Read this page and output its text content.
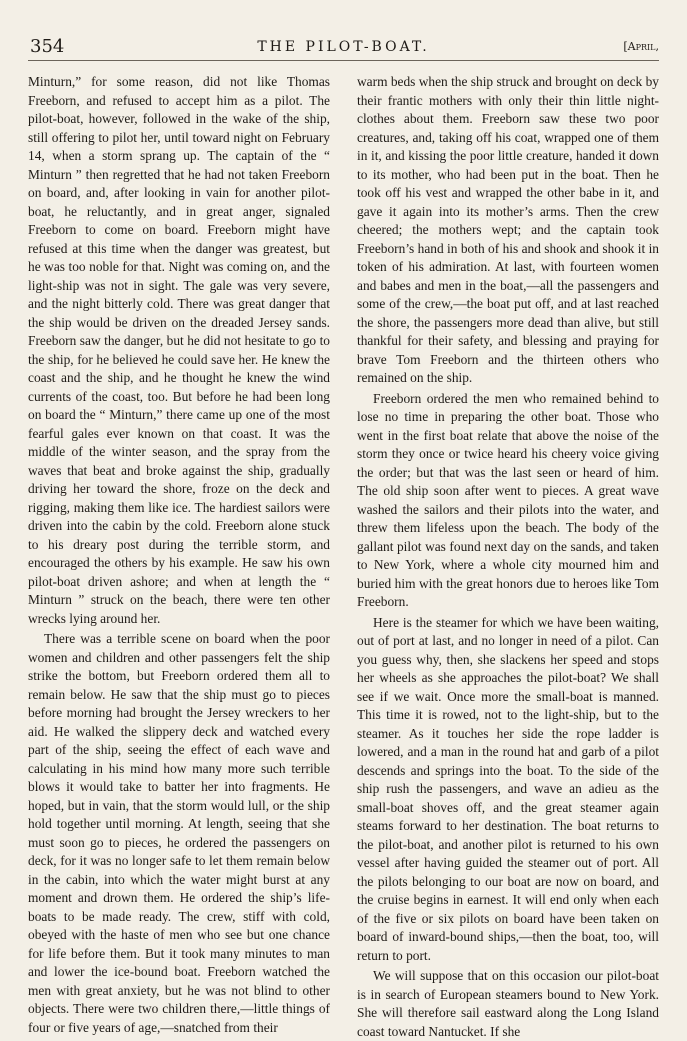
354	THE PILOT-BOAT.	[April,

Minturn,” for some reason, did not like Thomas Freeborn, and refused to accept him as a pilot. The pilot-boat, however, followed in the wake of the ship, still offering to pilot her, until toward night on February 14, when a storm sprang up. The captain of the “ Minturn ” then regretted that he had not taken Freeborn on board, and, after looking in vain for another pilot-boat, he reluctantly, and in great anger, signaled Freeborn to come on board. Freeborn might have refused at this time when the danger was greatest, but he was too noble for that. Night was coming on, and the light-ship was not in sight. The gale was very severe, and the night bitterly cold. There was great danger that the ship would be driven on the dreaded Jersey sands. Freeborn saw the danger, but he did not hesitate to go to the ship, for he believed he could save her. He knew the coast and the ship, and he thought he knew the wind currents of the coast, too. But before he had been long on board the “ Minturn,” there came up one of the most fearful gales ever known on that coast. It was the middle of the winter season, and the spray from the waves that beat and broke against the ship, gradually driving her toward the shore, froze on the deck and rigging, making them like ice. The hardiest sailors were driven into the cabin by the cold. Freeborn alone stuck to his dreary post during the terrible storm, and encouraged the others by his example. He saw his own pilot-boat driven ashore; and when at length the “ Minturn ” struck on the beach, there were ten other wrecks lying around her.

There was a terrible scene on board when the poor women and children and other passengers felt the ship strike the bottom, but Freeborn ordered them all to remain below. He saw that the ship must go to pieces before morning had brought the Jersey wreckers to her aid. He walked the slippery deck and watched every part of the ship, seeing the effect of each wave and calculating in his mind how many more such terrible blows it would take to batter her into fragments. He hoped, but in vain, that the storm would lull, or the ship hold together until morning. At length, seeing that she must soon go to pieces, he ordered the passengers on deck, for it was no longer safe to let them remain below in the cabin, into which the water might burst at any moment and drown them. He ordered the ship’s life-boats to be made ready. The crew, stiff with cold, obeyed with the haste of men who see but one chance for life before them. But it took many minutes to man and lower the ice-bound boat. Freeborn watched the men with great anxiety, but he was not blind to other objects. There were two children there,—little things of four or five years of age,—snatched from their

warm beds when the ship struck and brought on deck by their frantic mothers with only their thin little night-clothes about them. Freeborn saw these two poor creatures, and, taking off his coat, wrapped one of them in it, and kissing the poor little creature, handed it down to its mother, who had been put in the boat. Then he took off his vest and wrapped the other babe in it, and gave it again into its mother’s arms. Then the crew cheered; the mothers wept; and the captain took Freeborn’s hand in both of his and shook and shook it in token of his admiration. At last, with fourteen women and babes and men in the boat,—all the passengers and some of the crew,—the boat put off, and at last reached the shore, the passengers more dead than alive, but still thankful for their safety, and blessing and praying for brave Tom Freeborn and the thirteen others who remained on the ship.

Freeborn ordered the men who remained behind to lose no time in preparing the other boat. Those who went in the first boat relate that above the noise of the storm they once or twice heard his cheery voice giving the order; but that was the last seen or heard of him. The old ship soon after went to pieces. A great wave washed the sailors and their pilots into the water, and threw them lifeless upon the beach. The body of the gallant pilot was found next day on the sands, and taken to New York, where a whole city mourned him and buried him with the great honors due to heroes like Tom Freeborn.

Here is the steamer for which we have been waiting, out of port at last, and no longer in need of a pilot. Can you guess why, then, she slackens her speed and stops her wheels as she approaches the pilot-boat? We shall see if we wait. Once more the small-boat is manned. This time it is rowed, not to the light-ship, but to the steamer. As it touches her side the rope ladder is lowered, and a man in the round hat and garb of a pilot descends and springs into the boat. To the side of the ship rush the passengers, and wave an adieu as the small-boat shoves off, and the great steamer again steams forward to her destination. The boat returns to the pilot-boat, and another pilot is returned to his own vessel after having guided the steamer out of port. All the pilots belonging to our boat are now on board, and the cruise begins in earnest. It will end only when each of the five or six pilots on board have been taken on board of inward-bound ships,—then the boat, too, will return to port.

We will suppose that on this occasion our pilot-boat is in search of European steamers bound to New York. She will therefore sail eastward along the Long Island coast toward Nantucket. If she
